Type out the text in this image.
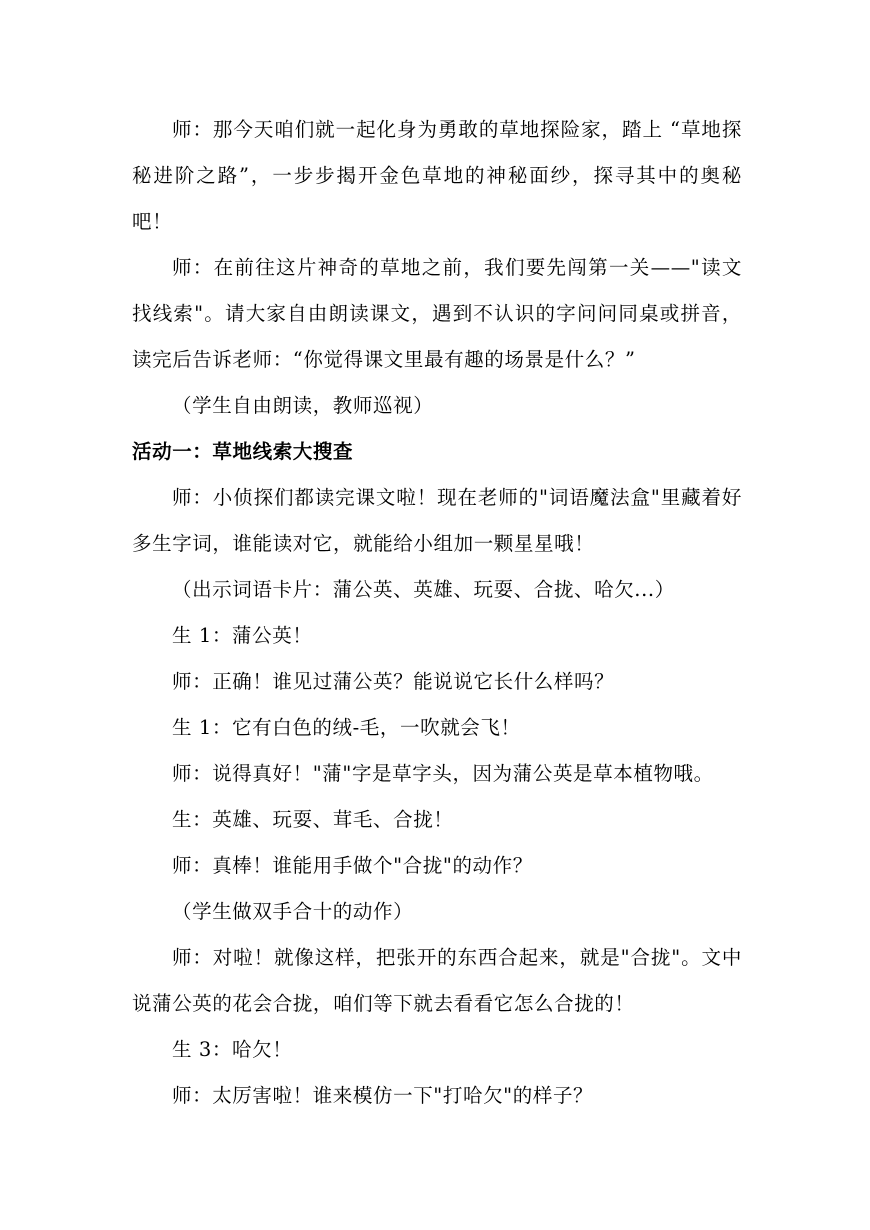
师：那今天咱们就一起化身为勇敢的草地探险家，踏上 “草地探秘进阶之路”，一步步揭开金色草地的神秘面纱，探寻其中的奥秘吧！

师：在前往这片神奇的草地之前，我们要先闯第一关——"读文找线索"。请大家自由朗读课文，遇到不认识的字问问同桌或拼音，读完后告诉老师：“你觉得课文里最有趣的场景是什么？”

（学生自由朗读，教师巡视）

活动一：草地线索大搜查

师：小侦探们都读完课文啦！现在老师的"词语魔法盒"里藏着好多生字词，谁能读对它，就能给小组加一颗星星哦！

（出示词语卡片：蒲公英、英雄、玩耍、合拢、哈欠...）

生 1：蒲公英！

师：正确！谁见过蒲公英？能说说它长什么样吗？

生 1：它有白色的绒-毛，一吹就会飞！

师：说得真好！"蒲"字是草字头，因为蒲公英是草本植物哦。

生：英雄、玩耍、茸毛、合拢！

师：真棒！谁能用手做个"合拢"的动作？

（学生做双手合十的动作）

师：对啦！就像这样，把张开的东西合起来，就是"合拢"。文中说蒲公英的花会合拢，咱们等下就去看看它怎么合拢的！

生 3：哈欠！

师：太厉害啦！谁来模仿一下"打哈欠"的样子？
